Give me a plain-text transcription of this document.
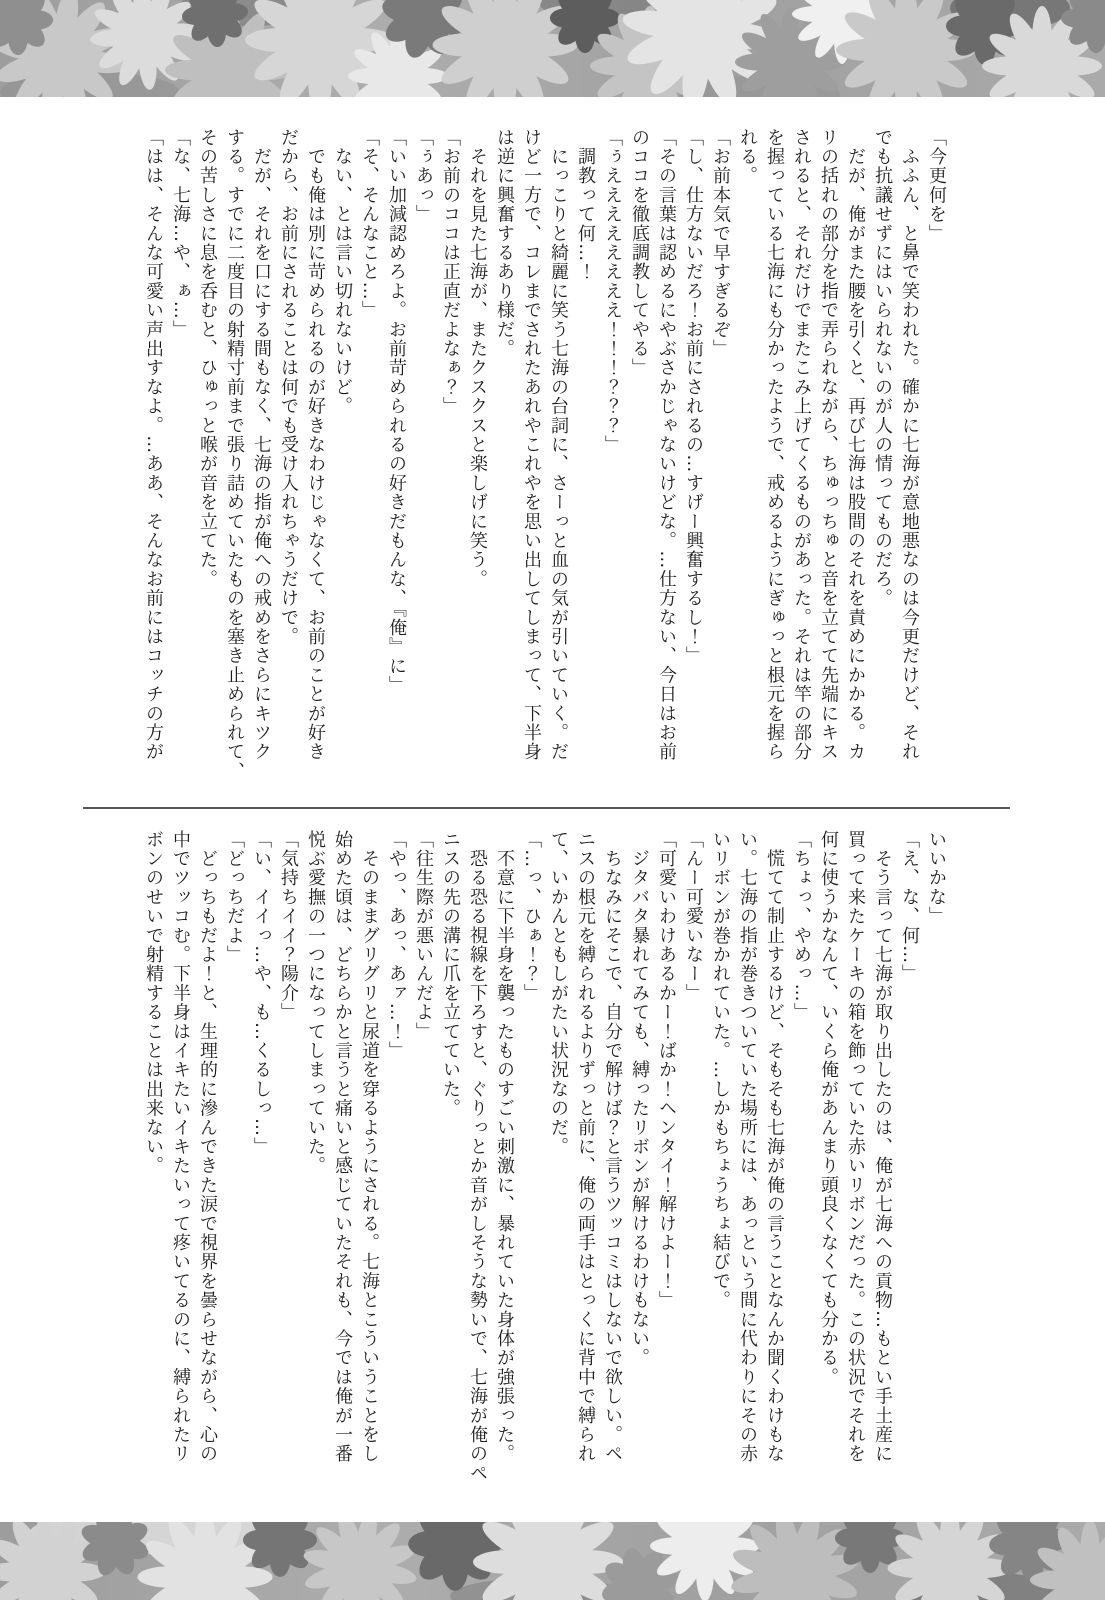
「今更何を」

　ふふん、と鼻で笑われた。確かに七海が意地悪なのは今更だけど、それ

でも抗議せずにはいられないのが人の情ってものだろ。

　だが、俺がまた腰を引くと、再び七海は股間のそれを責めにかかる。カ

リの括れの部分を指で弄られながら、ちゅっちゅと音を立てて先端にキス

されると、それだけでまたこみ上げてくるものがあった。それは竿の部分

を握っている七海にも分かったようで、戒めるようにぎゅっと根元を握ら

れる。

「お前本気で早すぎるぞ」

「し、仕方ないだろ！お前にされるの…すげー興奮するし！」

「その言葉は認めるにやぶさかじゃないけどな。…仕方ない、今日はお前

のココを徹底調教してやる」

「ぅええええええええ！！！？？？」

　調教って何…！

　にっこりと綺麗に笑う七海の台詞に、さーっと血の気が引いていく。だ

けど一方で、コレまでされたあれやこれやを思い出してしまって、下半身

は逆に興奮するあり様だ。

　それを見た七海が、またクスクスと楽しげに笑う。

「お前のココは正直だよなぁ？」

「ぅあっ」

「いい加減認めろよ。お前苛められるの好きだもんな、『俺』に」

「そ、そんなこと…」

　ない、とは言い切れないけど。

　でも俺は別に苛められるのが好きなわけじゃなくて、お前のことが好き

だから、お前にされることは何でも受け入れちゃうだけで。

　だが、それを口にする間もなく、七海の指が俺への戒めをさらにキツク

する。すでに二度目の射精寸前まで張り詰めていたものを塞き止められて、

その苦しさに息を呑むと、ひゅっと喉が音を立てた。

「な、七海…や、ぁ…」

「はは、そんな可愛い声出すなよ。…ああ、そんなお前にはコッチの方が

いいかな」

「え、な、何…」

　そう言って七海が取り出したのは、俺が七海への貢物…もとい手土産に

買って来たケーキの箱を飾っていた赤いリボンだった。この状況でそれを

何に使うかなんて、いくら俺があんまり頭良くなくても分かる。

「ちょっ、やめっ…」

　慌てて制止するけど、そもそも七海が俺の言うことなんか聞くわけもな

い。七海の指が巻きついていた場所には、あっという間に代わりにその赤

いリボンが巻かれていた。…しかもちょうちょ結びで。

「んー可愛いなー」

「可愛いわけあるかー！ばか！ヘンタイ！解けよー！」

　ジタバタ暴れてみても、縛ったリボンが解けるわけもない。

　ちなみにそこで、自分で解けば？と言うツッコミはしないで欲しい。ペ

ニスの根元を縛られるよりずっと前に、俺の両手はとっくに背中で縛られ

て、いかんともしがたい状況なのだ。

「…っ、ひぁ！？」

　不意に下半身を襲ったものすごい刺激に、暴れていた身体が強張った。

　恐る恐る視線を下ろすと、ぐりっとか音がしそうな勢いで、七海が俺のペ

ニスの先の溝に爪を立てていた。

「往生際が悪いんだよ」

「やっ、あっ、あァ…！」

　そのままグリグリと尿道を穿るようにされる。七海とこういうことをし

始めた頃は、どちらかと言うと痛いと感じていたそれも、今では俺が一番

悦ぶ愛撫の一つになってしまっていた。

「気持ちイイ？陽介」

「い、イイっ…や、も…くるしっ…」

「どっちだよ」

　どっちもだよ！と、生理的に滲んできた涙で視界を曇らせながら、心の

中でツッコむ。下半身はイキたいイキたいって疼いてるのに、縛られたリ

ボンのせいで射精することは出来ない。
